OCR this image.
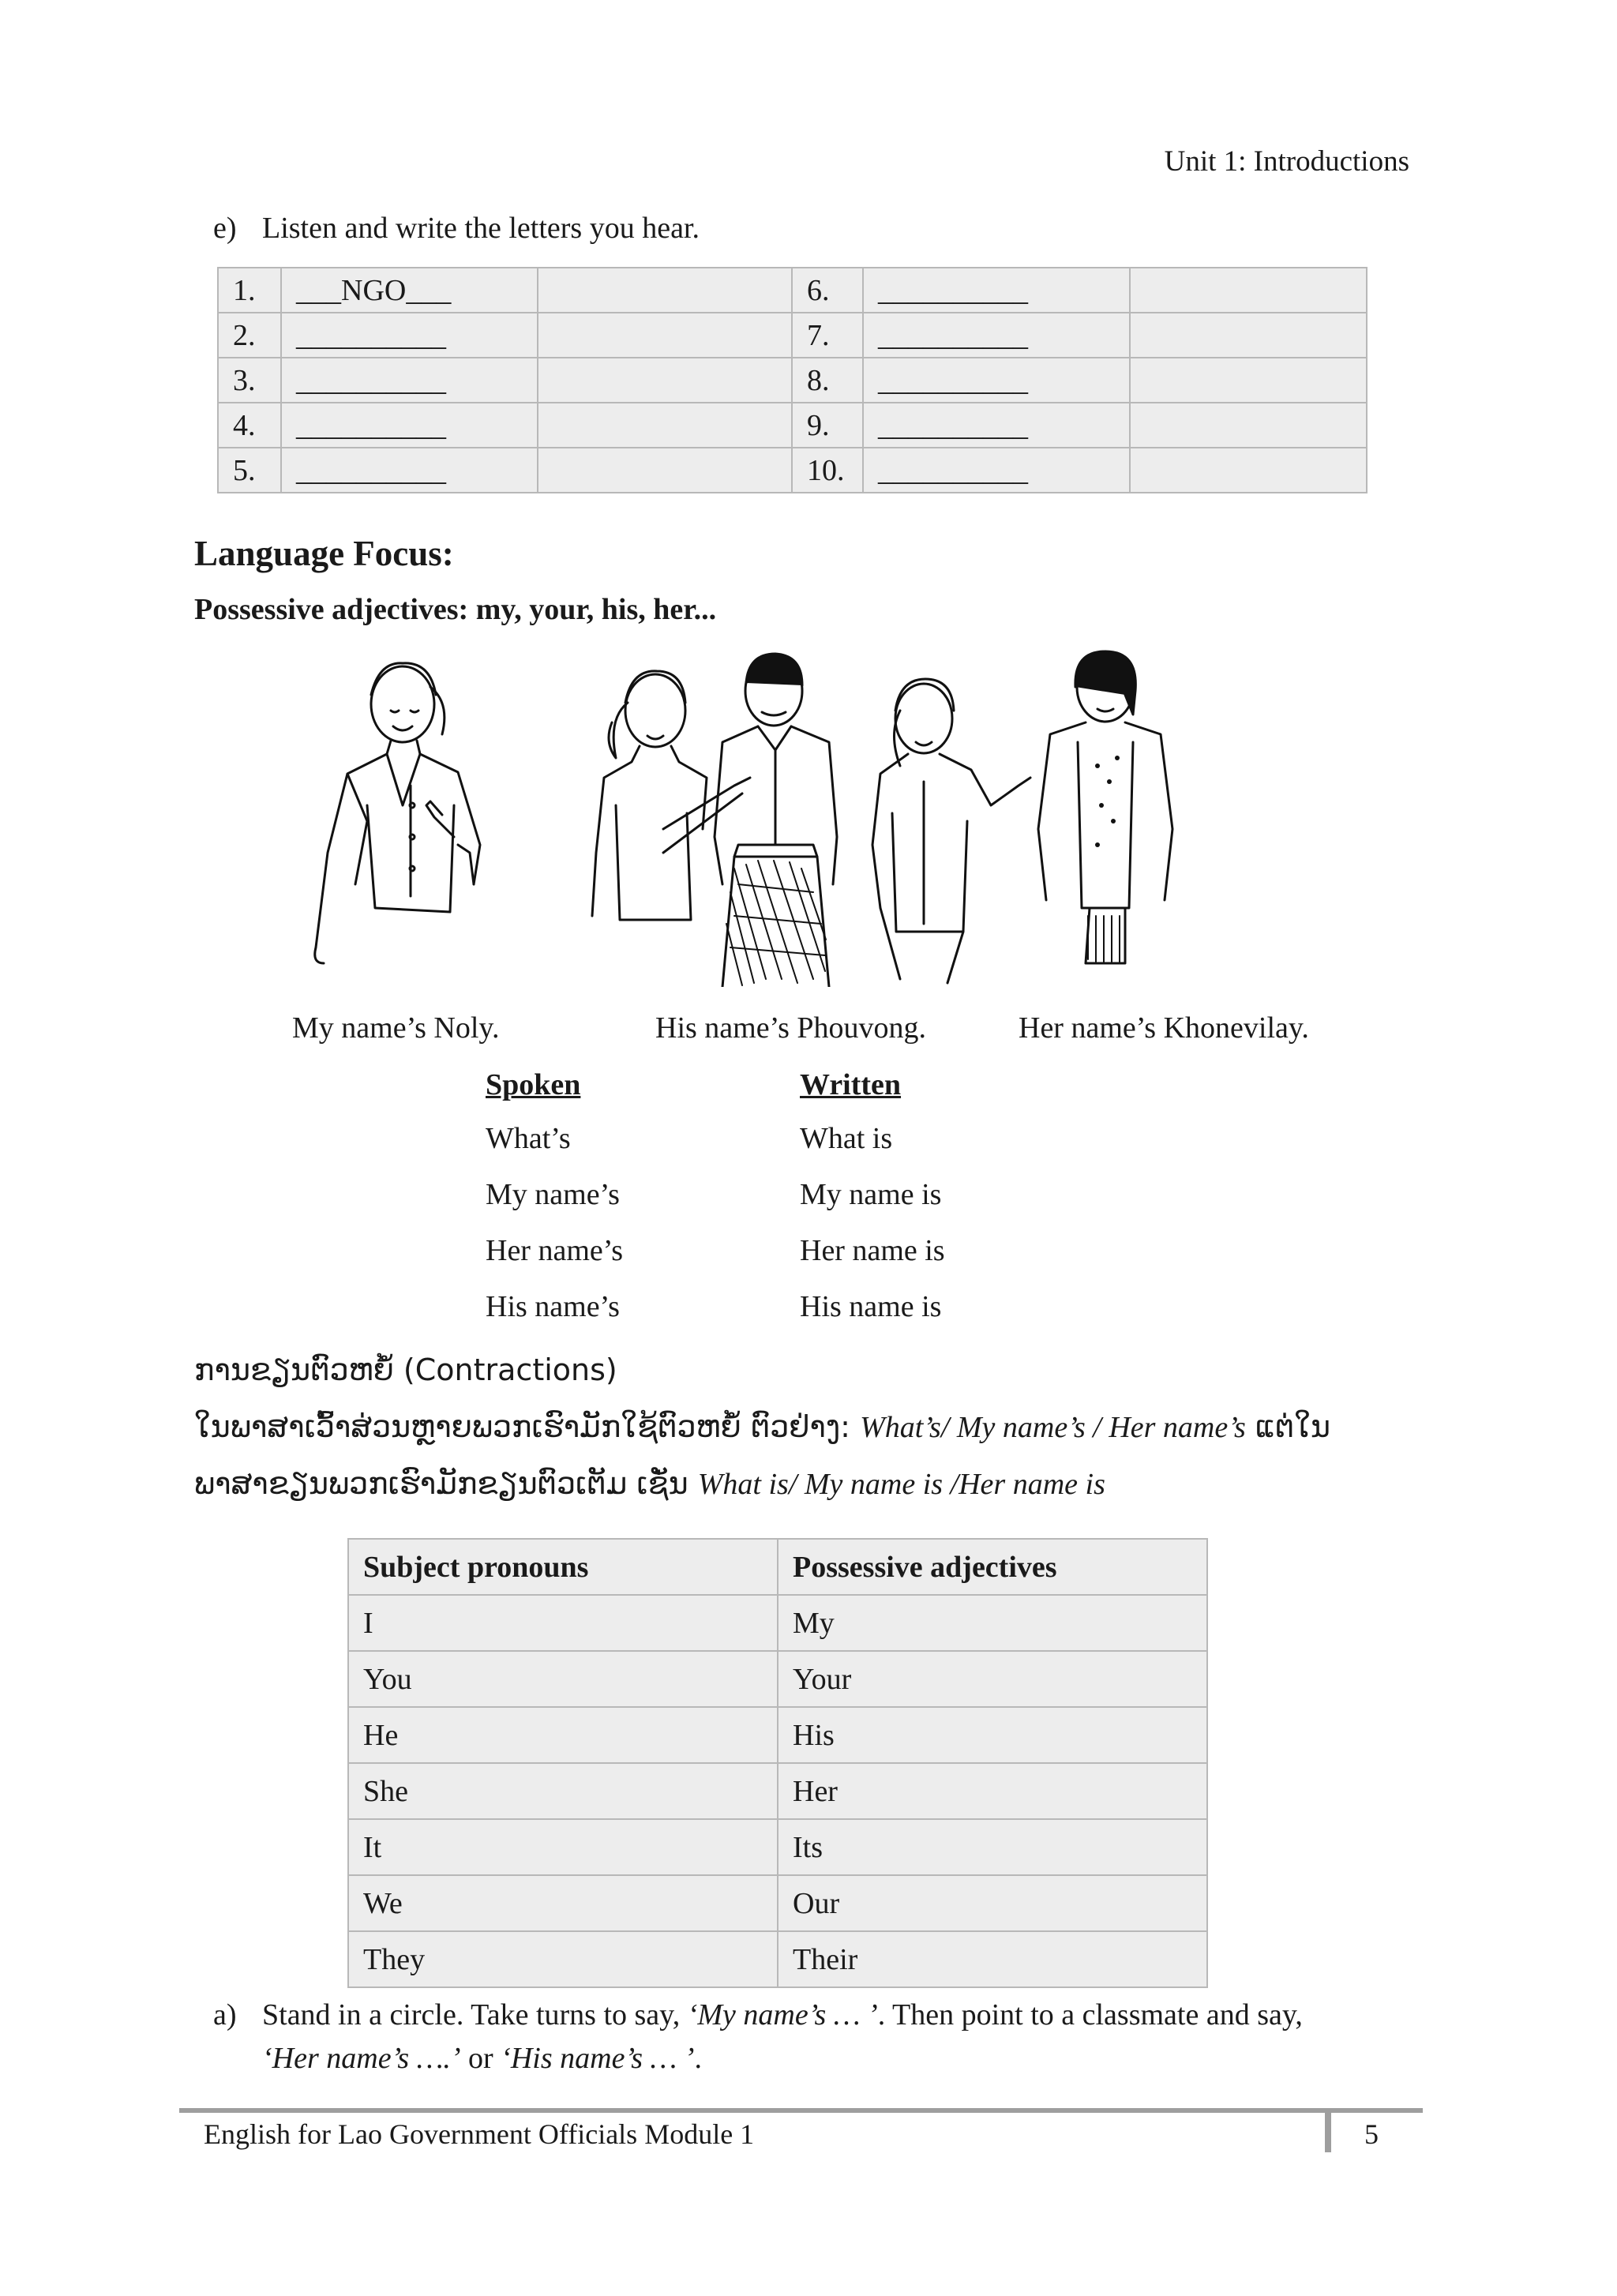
Unit 1: Introductions
e) Listen and write the letters you hear.
1.	___NGO___		6.	__________	
2.	__________		7.	__________	
3.	__________		8.	__________	
4.	__________		9.	__________	
5.	__________		10.	__________	
Language Focus:
Possessive adjectives: my, your, his, her...
My name’s Noly.	His name’s Phouvong.	Her name’s Khonevilay.
Spoken	Written
What’s	What is
My name’s	My name is
Her name’s	Her name is
His name’s	His name is
ການຂຽນຕົວຫຍໍ້ (Contractions)
ໃນພາສາເວົ້າສ່ວນຫຼາຍພວກເຮົາມັກໃຊ້ຕົວຫຍໍ້ ຕົວຢ່າງ: What’s/ My name’s / Her name’s ແຕ່ໃນ
ພາສາຂຽນພວກເຮົາມັກຂຽນຕົວເຕັມ ເຊັ່ນ What is/ My name is /Her name is
Subject pronouns	Possessive adjectives
I	My
You	Your
He	His
She	Her
It	Its
We	Our
They	Their
a) Stand in a circle. Take turns to say, ‘My name’s … ’. Then point to a classmate and say,
‘Her name’s ….’ or ‘His name’s … ’.
English for Lao Government Officials Module 1	5
